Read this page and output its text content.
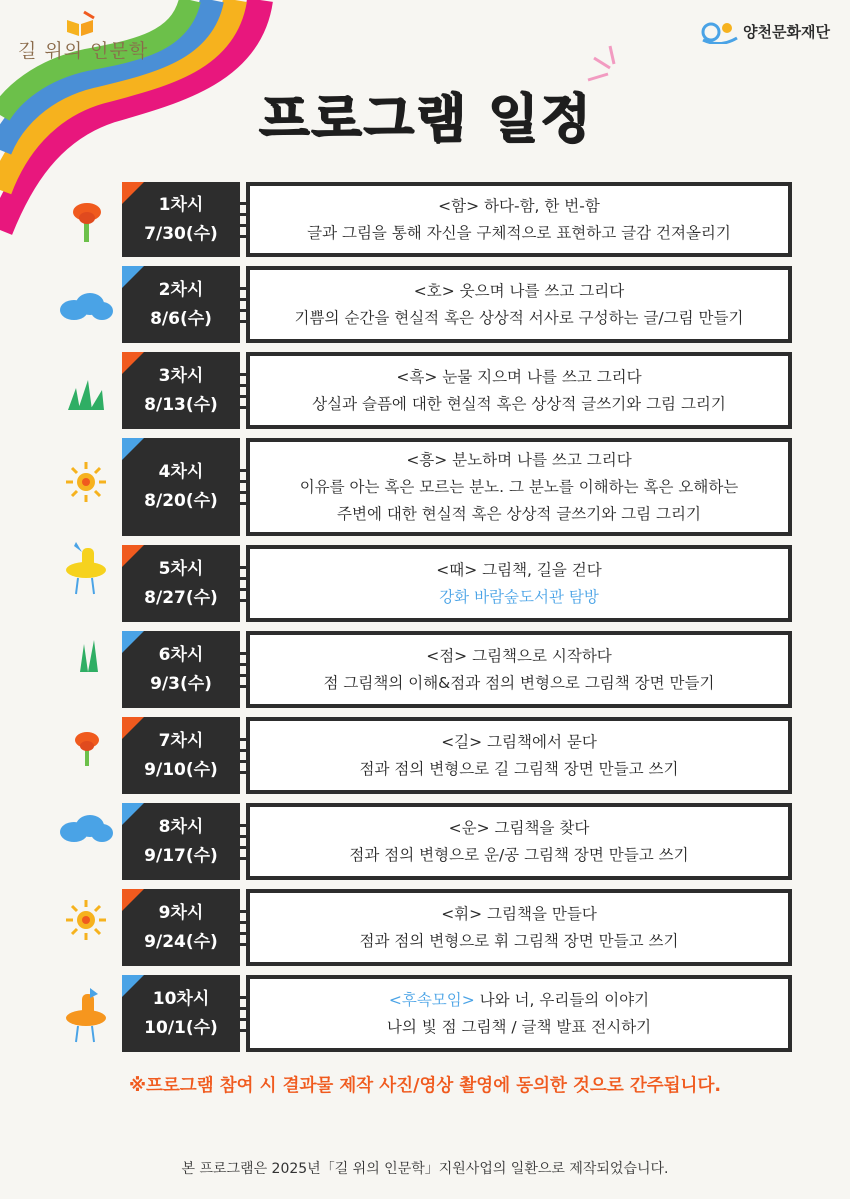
길 위의 인문학
양천문화재단
프로그램 일정
1차시
7/30(수)
<함> 하다-함, 한 번-함
글과 그림을 통해 자신을 구체적으로 표현하고 글감 건져올리기
2차시
8/6(수)
<호> 웃으며 나를 쓰고 그리다
기쁨의 순간을 현실적 혹은 상상적 서사로 구성하는 글/그림 만들기
3차시
8/13(수)
<흑> 눈물 지으며 나를 쓰고 그리다
상실과 슬픔에 대한 현실적 혹은 상상적 글쓰기와 그림 그리기
4차시
8/20(수)
<흥> 분노하며 나를 쓰고 그리다
이유를 아는 혹은 모르는 분노. 그 분노를 이해하는 혹은 오해하는
주변에 대한 현실적 혹은 상상적 글쓰기와 그림 그리기
5차시
8/27(수)
<때> 그림책, 길을 걷다
강화 바람숲도서관 탐방
6차시
9/3(수)
<점> 그림책으로 시작하다
점 그림책의 이해&점과 점의 변형으로 그림책 장면 만들기
7차시
9/10(수)
<길> 그림책에서 묻다
점과 점의 변형으로 길 그림책 장면 만들고 쓰기
8차시
9/17(수)
<운> 그림책을 찾다
점과 점의 변형으로 운/공 그림책 장면 만들고 쓰기
9차시
9/24(수)
<휘> 그림책을 만들다
점과 점의 변형으로 휘 그림책 장면 만들고 쓰기
10차시
10/1(수)
<후속모임> 나와 너, 우리들의 이야기
나의 빛 점 그림책 / 글책 발표 전시하기
※프로그램 참여 시 결과물 제작 사진/영상 촬영에 동의한 것으로 간주됩니다.
본 프로그램은 2025년「길 위의 인문학」지원사업의 일환으로 제작되었습니다.
